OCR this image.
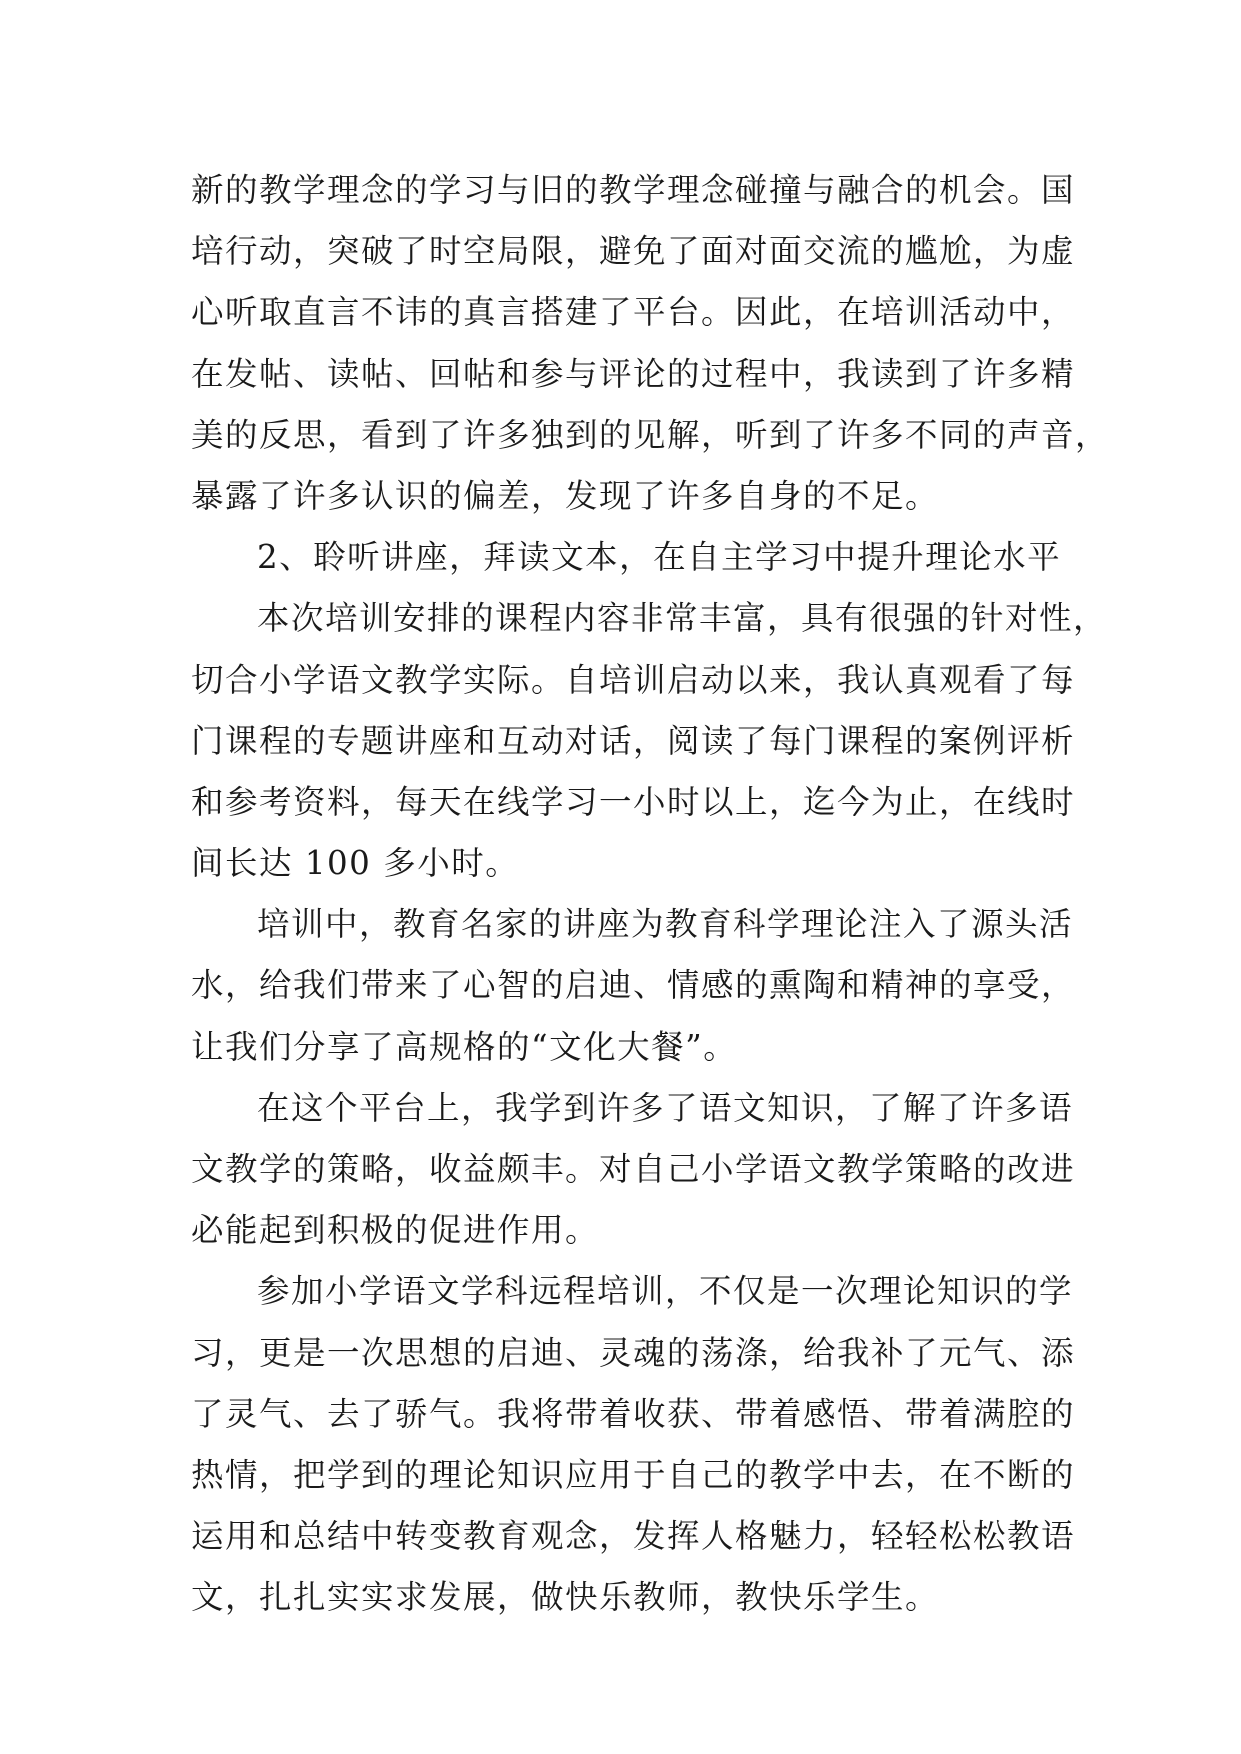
新的教学理念的学习与旧的教学理念碰撞与融合的机会。国
培行动，突破了时空局限，避免了面对面交流的尴尬，为虚
心听取直言不讳的真言搭建了平台。因此，在培训活动中，
在发帖、读帖、回帖和参与评论的过程中，我读到了许多精
美的反思，看到了许多独到的见解，听到了许多不同的声音，
暴露了许多认识的偏差，发现了许多自身的不足。
2、聆听讲座，拜读文本，在自主学习中提升理论水平
本次培训安排的课程内容非常丰富，具有很强的针对性，
切合小学语文教学实际。自培训启动以来，我认真观看了每
门课程的专题讲座和互动对话，阅读了每门课程的案例评析
和参考资料，每天在线学习一小时以上，迄今为止，在线时
间长达 100 多小时。
培训中，教育名家的讲座为教育科学理论注入了源头活
水，给我们带来了心智的启迪、情感的熏陶和精神的享受，
让我们分享了高规格的“文化大餐”。
在这个平台上，我学到许多了语文知识，了解了许多语
文教学的策略，收益颇丰。对自己小学语文教学策略的改进
必能起到积极的促进作用。
参加小学语文学科远程培训，不仅是一次理论知识的学
习，更是一次思想的启迪、灵魂的荡涤，给我补了元气、添
了灵气、去了骄气。我将带着收获、带着感悟、带着满腔的
热情，把学到的理论知识应用于自己的教学中去，在不断的
运用和总结中转变教育观念，发挥人格魅力，轻轻松松教语
文，扎扎实实求发展，做快乐教师，教快乐学生。
